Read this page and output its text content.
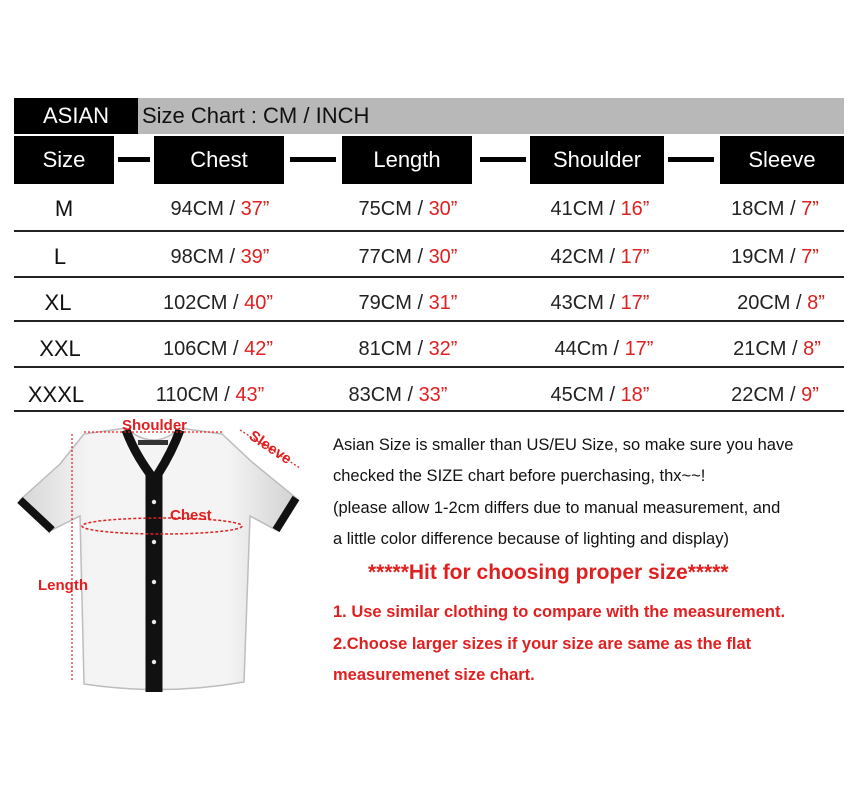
ASIAN	Size Chart : CM / INCH
Size	Chest	Length	Shoulder	Sleeve
M	94CM / 37”	75CM / 30”	41CM / 16”	18CM / 7”
L	98CM / 39”	77CM / 30”	42CM / 17”	19CM / 7”
XL	102CM / 40”	79CM / 31”	43CM / 17”	20CM / 8”
XXL	106CM / 42”	81CM / 32”	44Cm / 17”	21CM / 8”
XXXL	110CM / 43”	83CM / 33”	45CM / 18”	22CM / 9”
Shoulder
Sleeve
Chest
Length
Asian Size is smaller than US/EU Size, so make sure you have
checked the SIZE chart before puerchasing, thx~~!
(please allow 1-2cm differs due to manual measurement, and
a little color difference because of lighting and display)
*****Hit for choosing proper size*****
1. Use similar clothing to compare with the measurement.
2.Choose larger sizes if your size are same as the flat
measuremenet size chart.
